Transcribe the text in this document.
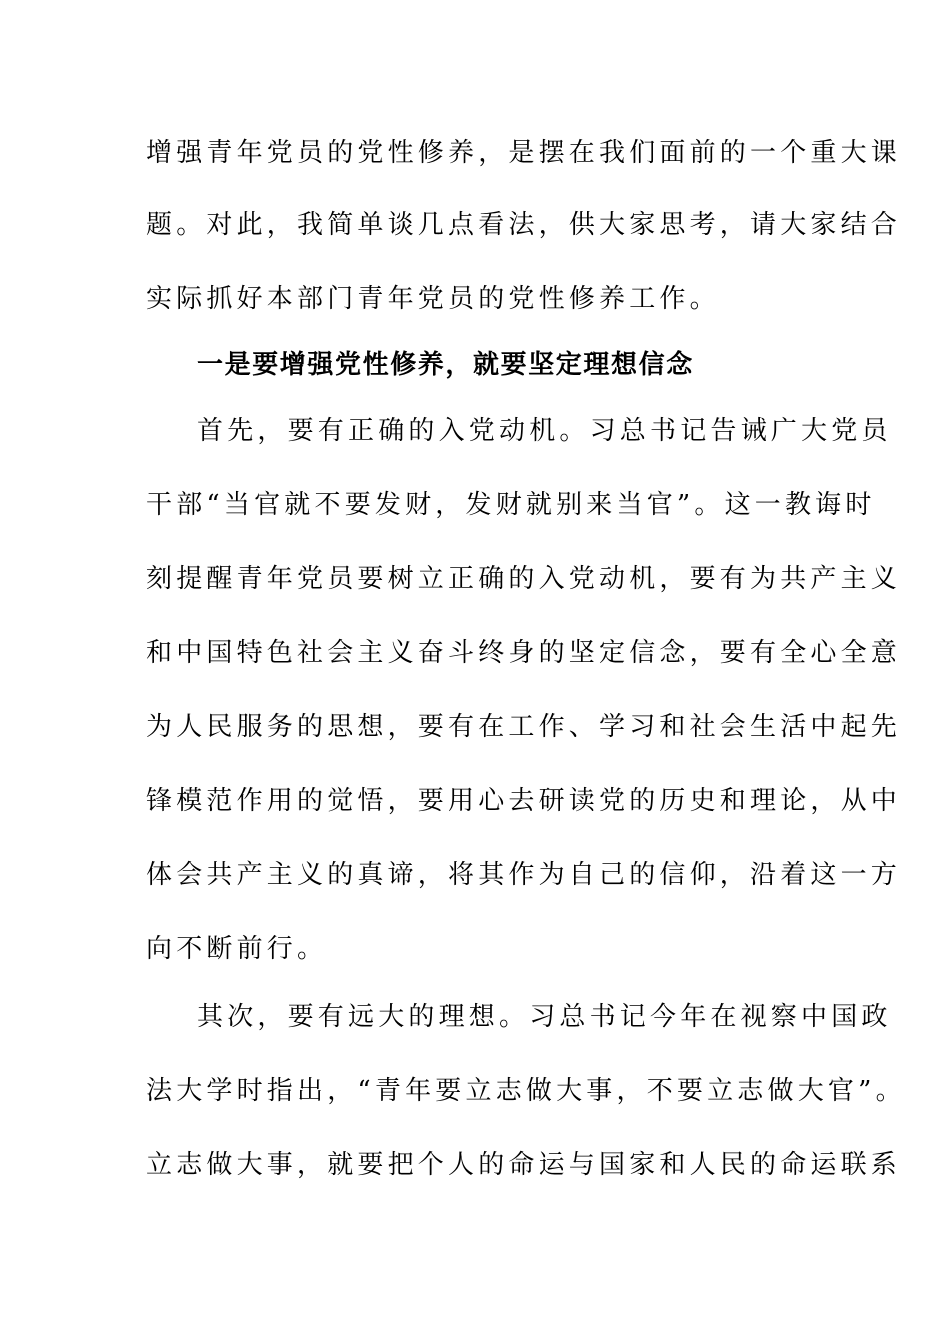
增强青年党员的党性修养，是摆在我们面前的一个重大课
题。对此，我简单谈几点看法，供大家思考，请大家结合
实际抓好本部门青年党员的党性修养工作。
一是要增强党性修养，就要坚定理想信念
首先，要有正确的入党动机。习总书记告诫广大党员
干部“当官就不要发财，发财就别来当官”。这一教诲时
刻提醒青年党员要树立正确的入党动机，要有为共产主义
和中国特色社会主义奋斗终身的坚定信念，要有全心全意
为人民服务的思想，要有在工作、学习和社会生活中起先
锋模范作用的觉悟，要用心去研读党的历史和理论，从中
体会共产主义的真谛，将其作为自己的信仰，沿着这一方
向不断前行。
其次，要有远大的理想。习总书记今年在视察中国政
法大学时指出，“青年要立志做大事，不要立志做大官”。
立志做大事，就要把个人的命运与国家和人民的命运联系
